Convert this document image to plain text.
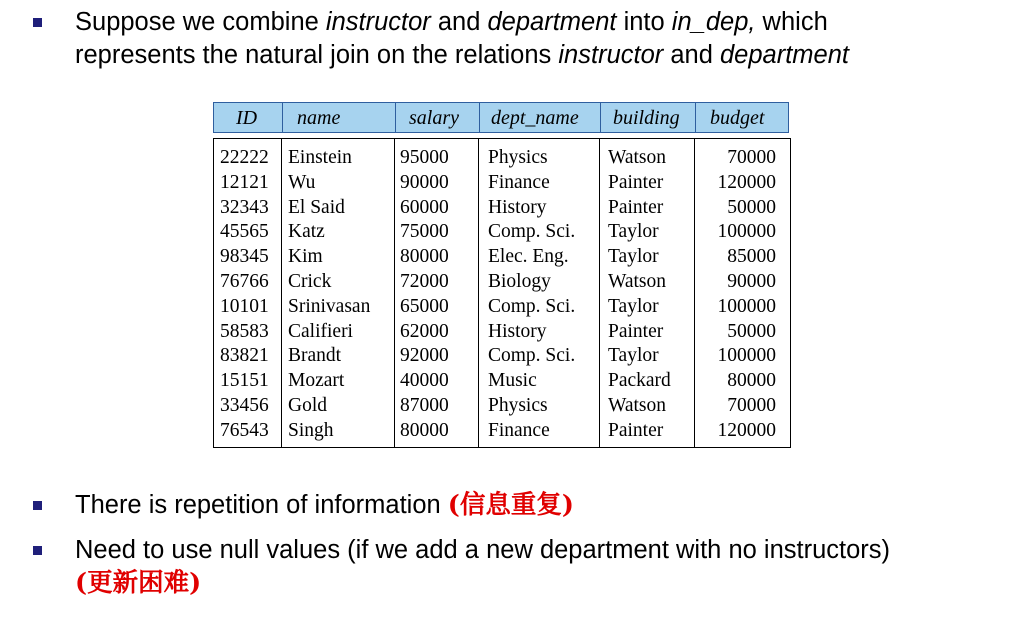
Suppose we combine instructor and department into in_dep, which
represents the natural join on the relations instructor and department
ID	name	salary	dept_name	building	budget
22222 Einstein	95000	Physics	Watson	70000
12121 Wu	90000	Finance	Painter	120000
32343 El Said	60000	History	Painter	50000
45565 Katz	75000	Comp. Sci.	Taylor	100000
98345 Kim	80000	Elec. Eng.	Taylor	85000
76766 Crick	72000	Biology	Watson	90000
10101 Srinivasan	65000	Comp. Sci.	Taylor	100000
58583 Califieri	62000	History	Painter	50000
83821 Brandt	92000	Comp. Sci.	Taylor	100000
15151 Mozart	40000	Music	Packard	80000
33456 Gold	87000	Physics	Watson	70000
76543 Singh	80000	Finance	Painter	120000
There is repetition of information (信息重复)
Need to use null values (if we add a new department with no instructors)
(更新困难)
